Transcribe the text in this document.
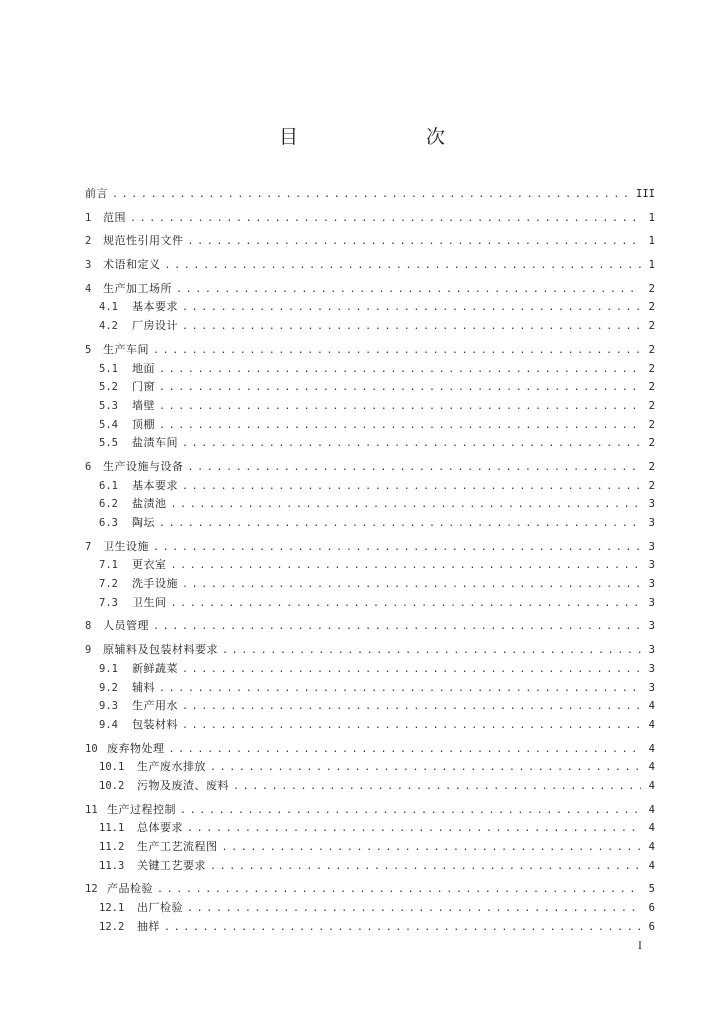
目　　次
前言 . . .	III
1	范围 . . .	1
2	规范性引用文件 . . .	1
3	术语和定义 . . .	1
4	生产加工场所 . . .	2
4.1	基本要求 . . .	2
4.2	厂房设计 . . .	2
5	生产车间 . . .	2
5.1	地面 . . .	2
5.2	门窗 . . .	2
5.3	墙壁 . . .	2
5.4	顶棚 . . .	2
5.5	盐渍车间 . . .	2
6	生产设施与设备 . . .	2
6.1	基本要求 . . .	2
6.2	盐渍池 . . .	3
6.3	陶坛 . . .	3
7	卫生设施 . . .	3
7.1	更衣室 . . .	3
7.2	洗手设施 . . .	3
7.3	卫生间 . . .	3
8	人员管理 . . .	3
9	原辅料及包装材料要求 . . .	3
9.1	新鲜蔬菜 . . .	3
9.2	辅料 . . .	3
9.3	生产用水 . . .	4
9.4	包装材料 . . .	4
10 废弃物处理 . . .	4
10.1	生产废水排放 . . .	4
10.2	污物及废渣、废料 . . .	4
11 生产过程控制 . . .	4
11.1	总体要求 . . .	4
11.2	生产工艺流程图 . . .	4
11.3	关键工艺要求 . . .	4
12 产品检验 . . .	5
12.1	出厂检验 . . .	6
12.2	抽样 . . .	6
I
